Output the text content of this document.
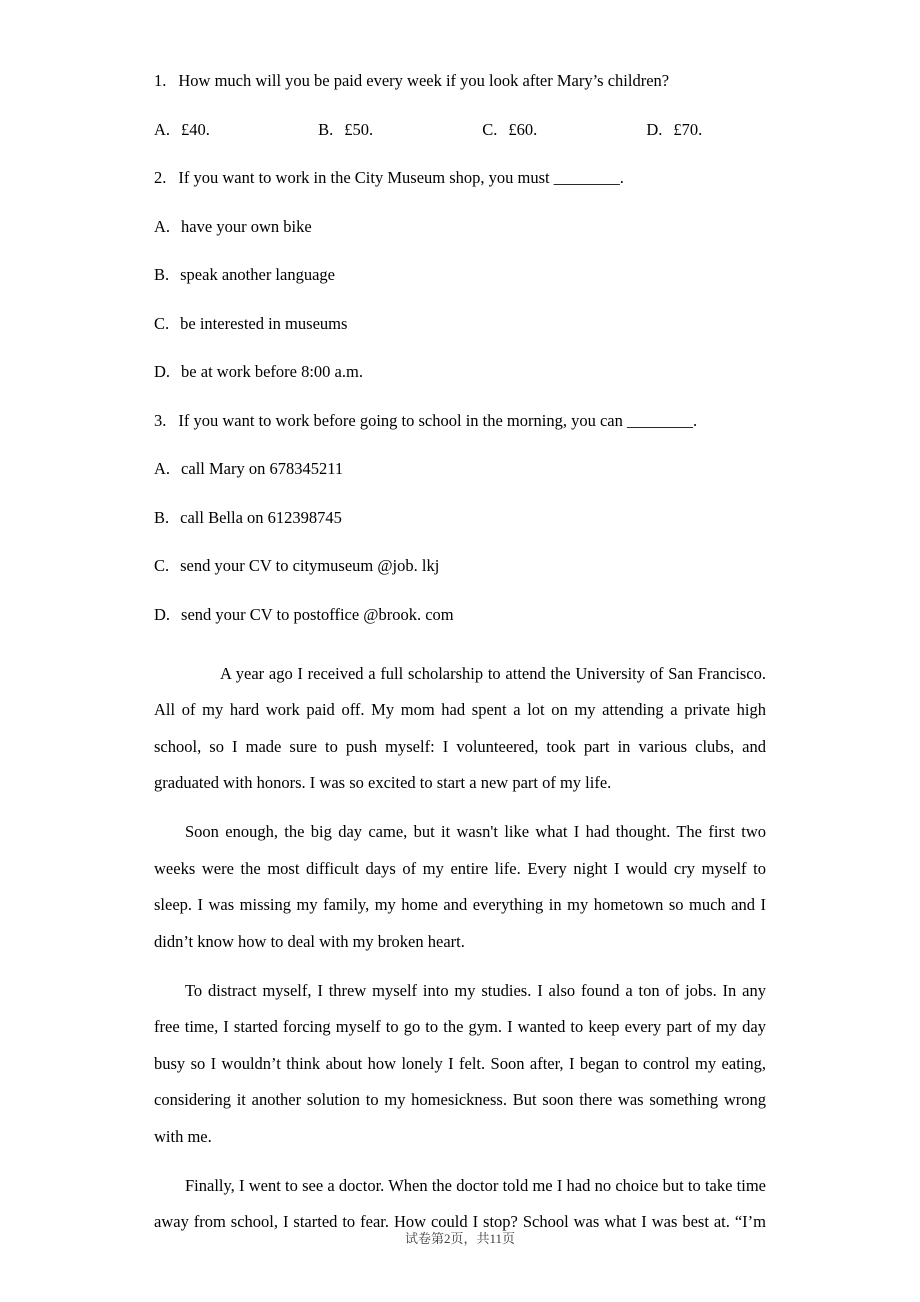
1. How much will you be paid every week if you look after Mary’s children?

A. £40.	B. £50.	C. £60.	D. £70.

2. If you want to work in the City Museum shop, you must ________.

A. have your own bike

B. speak another language

C. be interested in museums

D. be at work before 8:00 a.m.

3. If you want to work before going to school in the morning, you can ________.

A. call Mary on 678345211

B. call Bella on 612398745

C. send your CV to citymuseum @job. lkj

D. send your CV to postoffice @brook. com

A year ago I received a full scholarship to attend the University of San Francisco. All of my hard work paid off. My mom had spent a lot on my attending a private high school, so I made sure to push myself: I volunteered, took part in various clubs, and graduated with honors. I was so excited to start a new part of my life.

Soon enough, the big day came, but it wasn't like what I had thought. The first two weeks were the most difficult days of my entire life. Every night I would cry myself to sleep. I was missing my family, my home and everything in my hometown so much and I didn’t know how to deal with my broken heart.

To distract myself, I threw myself into my studies. I also found a ton of jobs. In any free time, I started forcing myself to go to the gym. I wanted to keep every part of my day busy so I wouldn’t think about how lonely I felt. Soon after, I began to control my eating, considering it another solution to my homesickness. But soon there was something wrong with me.

Finally, I went to see a doctor. When the doctor told me I had no choice but to take time away from school, I started to fear. How could I stop? School was what I was best at. “I’m

试卷第2页，共11页
